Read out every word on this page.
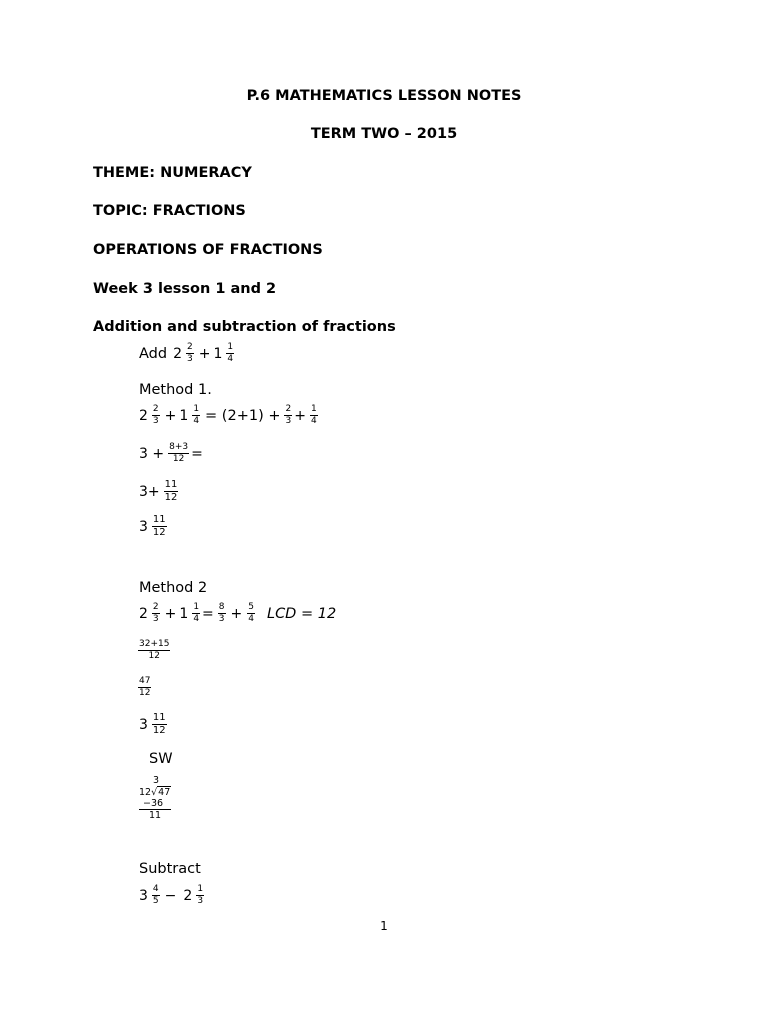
P.6 MATHEMATICS LESSON NOTES
TERM TWO – 2015
THEME: NUMERACY
TOPIC: FRACTIONS
OPERATIONS OF FRACTIONS
Week 3 lesson 1 and 2
Addition and subtraction of fractions
Add $2 \frac{2}{3} + 1 \frac{1}{4}$
Method 1.
$2 \frac{2}{3} + 1 \frac{1}{4} = (2+1) + \frac{2}{3} + \frac{1}{4}$
$3 + \frac{8+3}{12}$ =
$3+ \frac{11}{12}$
$3 \frac{11}{12}$
Method 2
$2 \frac{2}{3} + 1 \frac{1}{4} = \frac{8}{3} + \frac{5}{4}$ LCD = 12
$\frac{32+15}{12}$
$\frac{47}{12}$
$3 \frac{11}{12}$
SW
3
12√47
−36
11
Subtract
$3 \frac{4}{5} - 2 \frac{1}{3}$
1
